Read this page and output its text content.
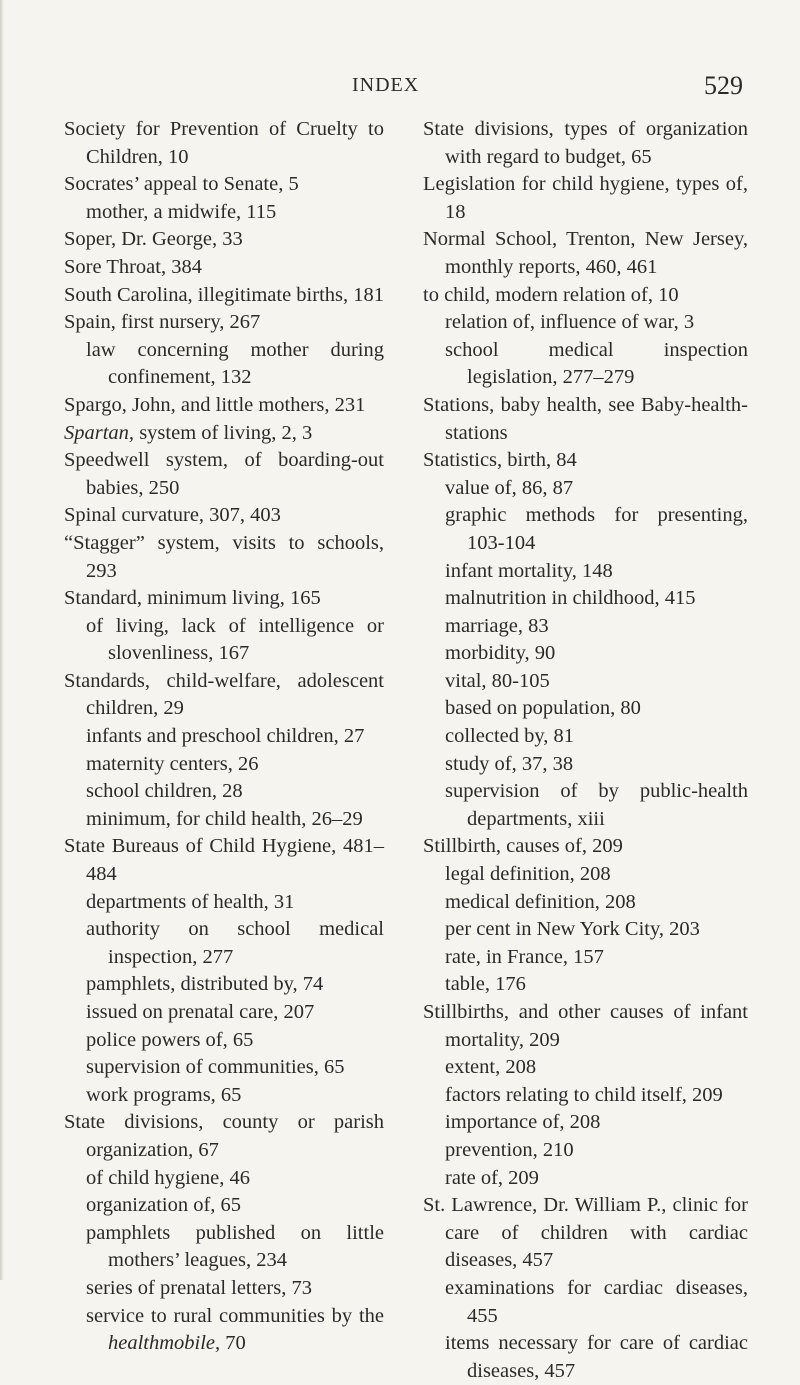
INDEX	529

Society for Prevention of Cruelty to Children, 10

Socrates’ appeal to Senate, 5

mother, a midwife, 115

Soper, Dr. George, 33

Sore Throat, 384

South Carolina, illegitimate births, 181

Spain, first nursery, 267

law concerning mother during confinement, 132

Spargo, John, and little mothers, 231

Spartan, system of living, 2, 3

Speedwell system, of boarding-out babies, 250

Spinal curvature, 307, 403

“Stagger” system, visits to schools, 293

Standard, minimum living, 165

of living, lack of intelligence or slovenliness, 167

Standards, child-welfare, adolescent children, 29

infants and preschool children, 27

maternity centers, 26

school children, 28

minimum, for child health, 26–29

State Bureaus of Child Hygiene, 481–484

departments of health, 31

authority on school medical inspection, 277

pamphlets, distributed by, 74

issued on prenatal care, 207

police powers of, 65

supervision of communities, 65

work programs, 65

State divisions, county or parish organization, 67

of child hygiene, 46

organization of, 65

pamphlets published on little mothers’ leagues, 234

series of prenatal letters, 73

service to rural communities by the healthmobile, 70

State divisions, types of organization with regard to budget, 65

Legislation for child hygiene, types of, 18

Normal School, Trenton, New Jersey, monthly reports, 460, 461

to child, modern relation of, 10

relation of, influence of war, 3

school medical inspection legislation, 277–279

Stations, baby health, see Baby-health-stations

Statistics, birth, 84

value of, 86, 87

graphic methods for presenting, 103-104

infant mortality, 148

malnutrition in childhood, 415

marriage, 83

morbidity, 90

vital, 80-105

based on population, 80

collected by, 81

study of, 37, 38

supervision of by public-health departments, xiii

Stillbirth, causes of, 209

legal definition, 208

medical definition, 208

per cent in New York City, 203

rate, in France, 157

table, 176

Stillbirths, and other causes of infant mortality, 209

extent, 208

factors relating to child itself, 209

importance of, 208

prevention, 210

rate of, 209

St. Lawrence, Dr. William P., clinic for care of children with cardiac diseases, 457

examinations for cardiac diseases, 455

items necessary for care of cardiac diseases, 457
